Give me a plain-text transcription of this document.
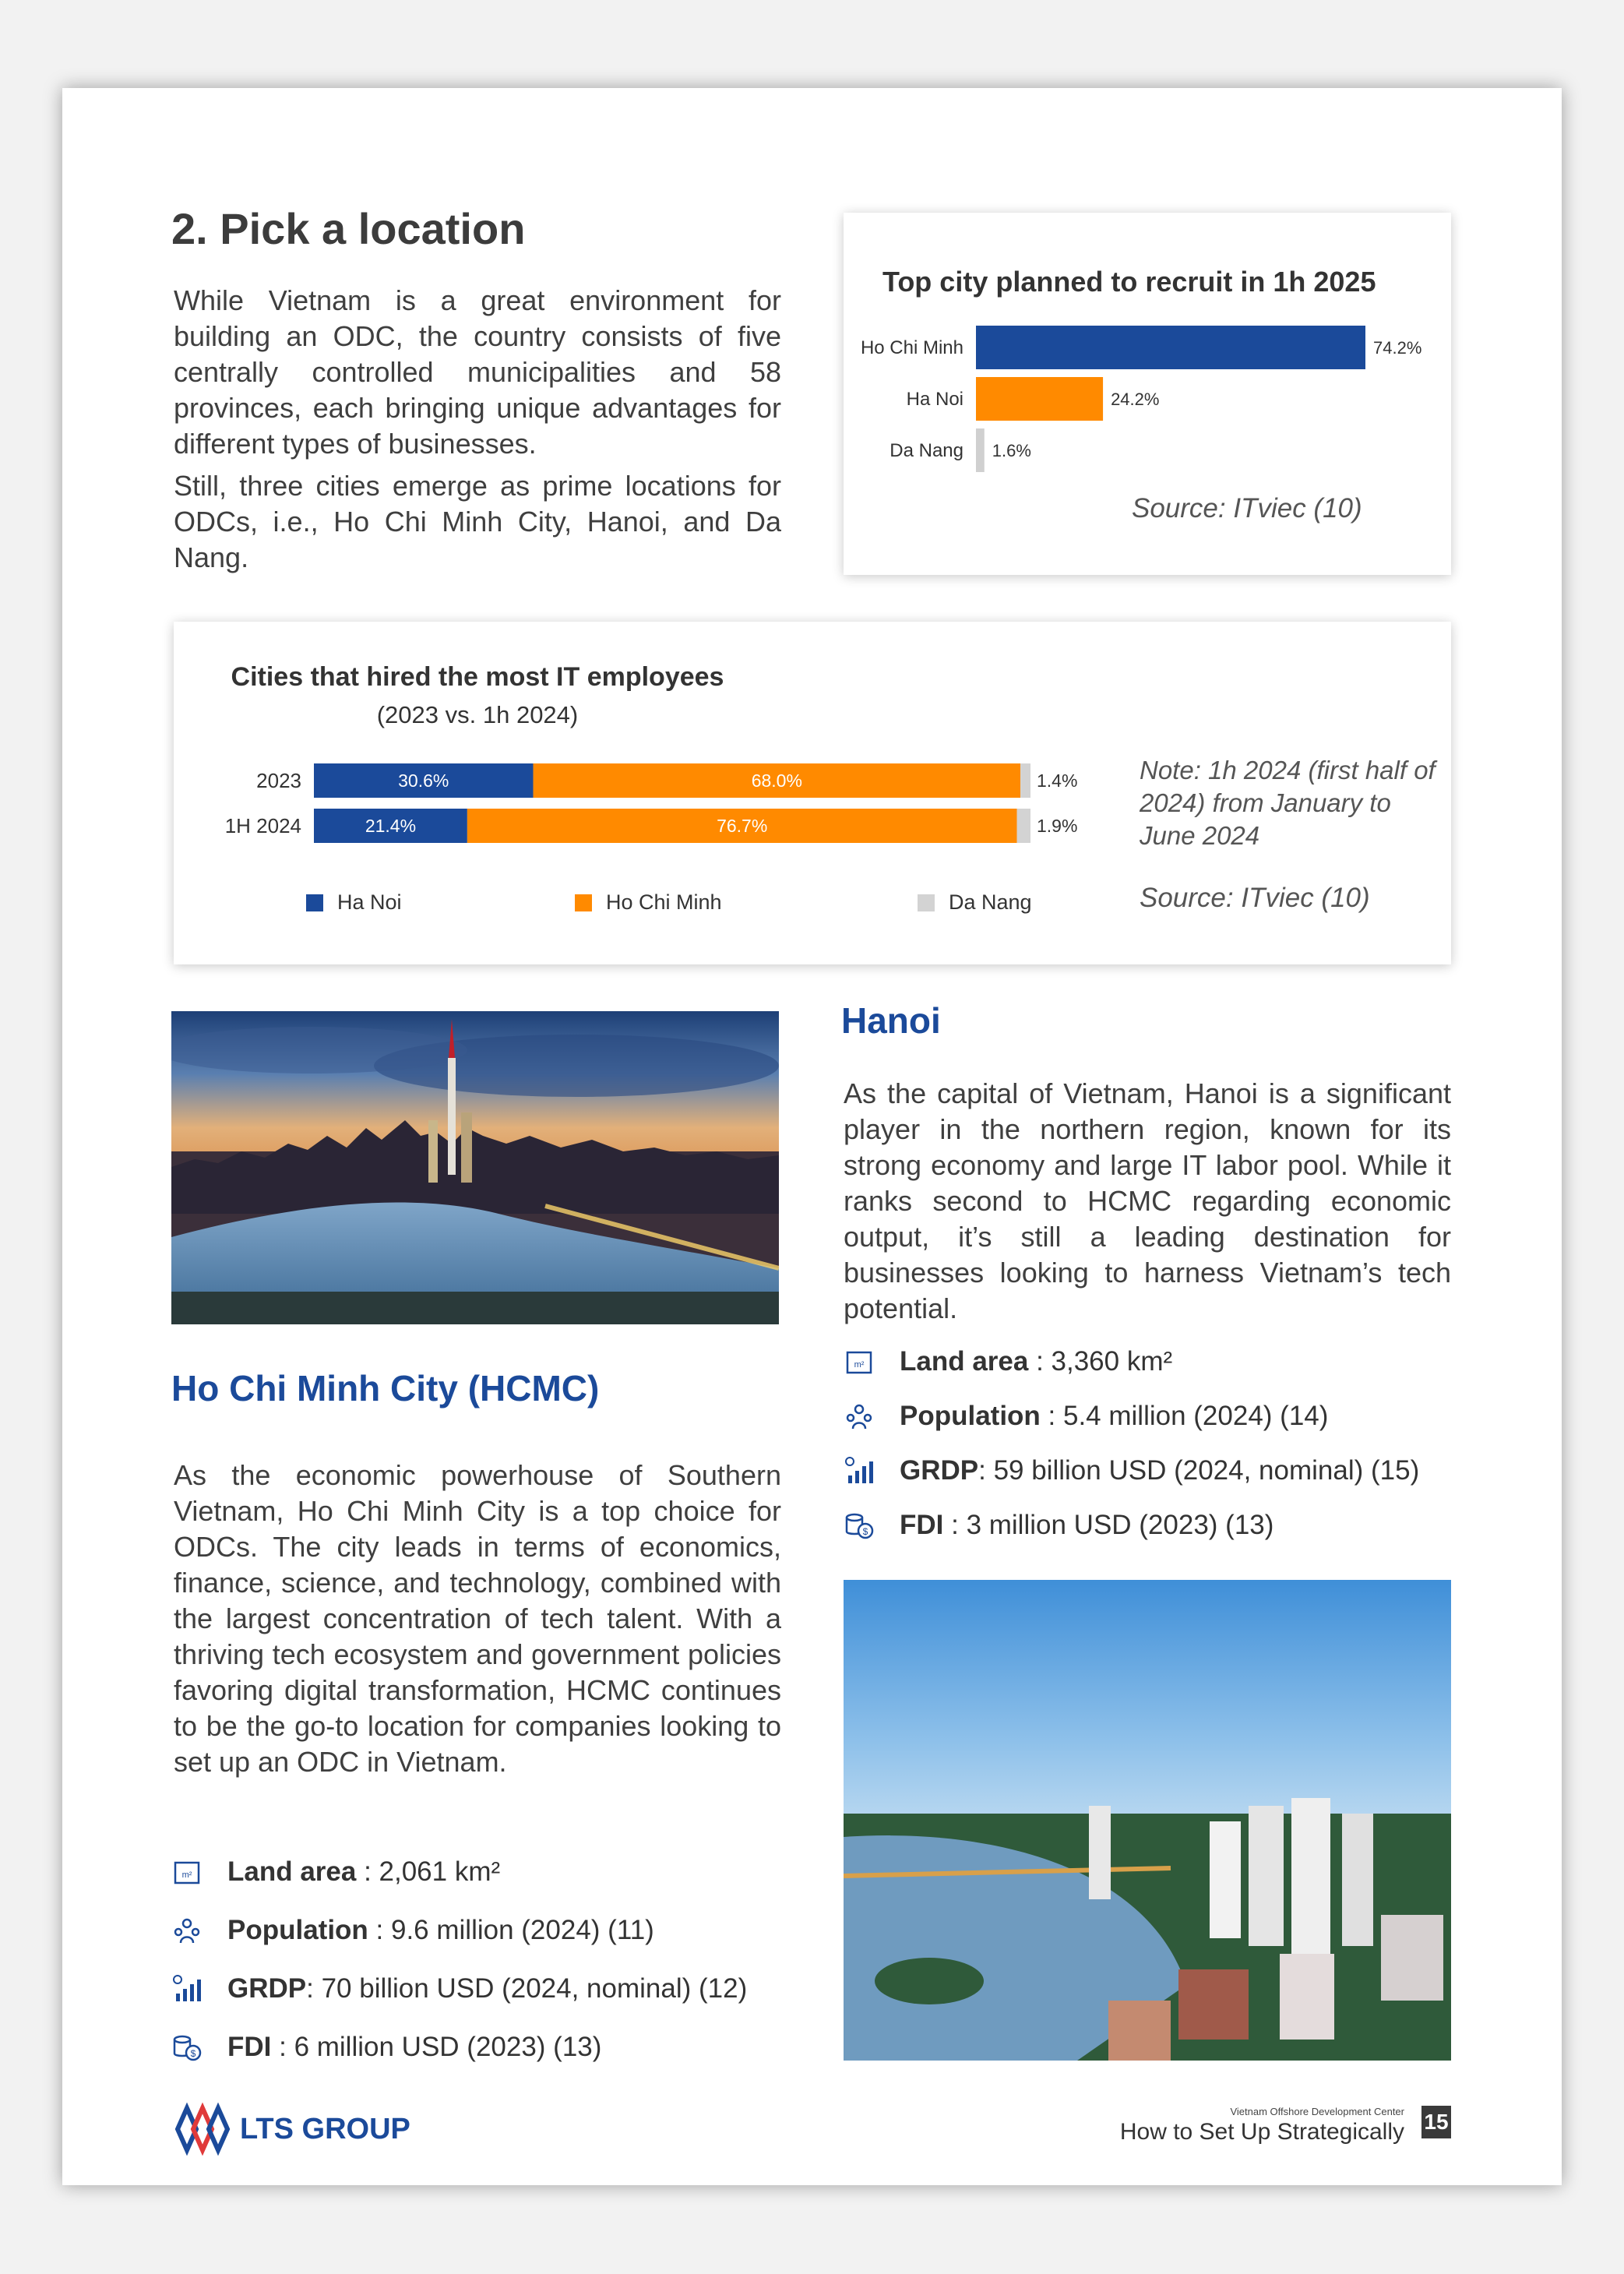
2. Pick a location

While Vietnam is a great environment for building an ODC, the country consists of five centrally controlled municipalities and 58 provinces, each bringing unique advantages for different types of businesses.

Still, three cities emerge as prime locations for ODCs, i.e., Ho Chi Minh City, Hanoi, and Da Nang.

Top city planned to recruit in 1h 2025
Ho Chi Minh	74.2%
Ha Noi	24.2%
Da Nang 1.6%
Source: ITviec (10)
Cities that hired the most IT employees
(2023 vs. 1h 2024)
2023	30.6%	68.0%	1.4%
1H 2024	21.4%	76.7%	1.9%
Ha Noi	Ho Chi Minh	Da Nang
Note: 1h 2024 (first half of 2024) from January to June 2024
Source: ITviec (10)
Ho Chi Minh City (HCMC)

As the economic powerhouse of Southern Vietnam, Ho Chi Minh City is a top choice for ODCs. The city leads in terms of economics, finance, science, and technology, combined with the largest concentration of tech talent. With a thriving tech ecosystem and government policies favoring digital transformation, HCMC continues to be the go-to location for companies looking to set up an ODC in Vietnam.

m² Land area : 2,061 km²
Population : 9.6 million (2024) (11)
GRDP: 70 billion USD (2024, nominal) (12)
$ FDI : 6 million USD (2023) (13)
Hanoi

As the capital of Vietnam, Hanoi is a significant player in the northern region, known for its strong economy and large IT labor pool. While it ranks second to HCMC regarding economic output, it’s still a leading destination for businesses looking to harness Vietnam’s tech potential.

m² Land area : 3,360 km²
Population : 5.4 million (2024) (14)
GRDP: 59 billion USD (2024, nominal) (15)
$ FDI : 3 million USD (2023) (13)
LTS GROUP
Vietnam Offshore Development Center
How to Set Up Strategically 15
